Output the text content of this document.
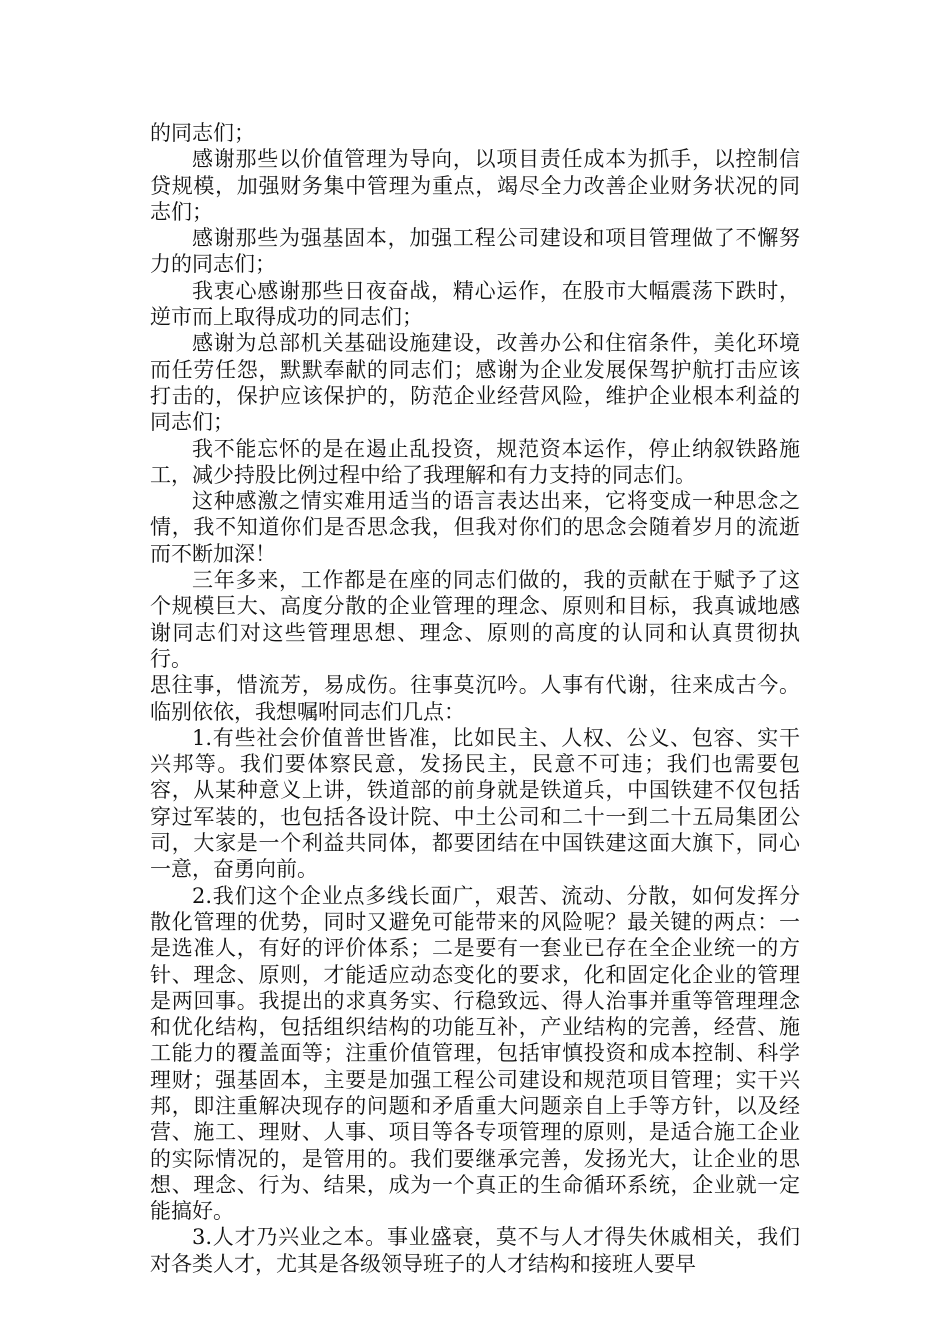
的同志们；

感谢那些以价值管理为导向，以项目责任成本为抓手，以控制信贷规模，加强财务集中管理为重点，竭尽全力改善企业财务状况的同志们；

感谢那些为强基固本，加强工程公司建设和项目管理做了不懈努力的同志们；

我衷心感谢那些日夜奋战，精心运作，在股市大幅震荡下跌时，逆市而上取得成功的同志们；

感谢为总部机关基础设施建设，改善办公和住宿条件，美化环境而任劳任怨，默默奉献的同志们；感谢为企业发展保驾护航打击应该打击的，保护应该保护的，防范企业经营风险，维护企业根本利益的同志们；

我不能忘怀的是在遏止乱投资，规范资本运作，停止纳叙铁路施工，减少持股比例过程中给了我理解和有力支持的同志们。

这种感激之情实难用适当的语言表达出来，它将变成一种思念之情，我不知道你们是否思念我，但我对你们的思念会随着岁月的流逝而不断加深！

三年多来，工作都是在座的同志们做的，我的贡献在于赋予了这个规模巨大、高度分散的企业管理的理念、原则和目标，我真诚地感谢同志们对这些管理思想、理念、原则的高度的认同和认真贯彻执行。

思往事，惜流芳，易成伤。往事莫沉吟。人事有代谢，往来成古今。临别依依，我想嘱咐同志们几点：

1.有些社会价值普世皆准，比如民主、人权、公义、包容、实干兴邦等。我们要体察民意，发扬民主，民意不可违；我们也需要包容，从某种意义上讲，铁道部的前身就是铁道兵，中国铁建不仅包括穿过军装的，也包括各设计院、中土公司和二十一到二十五局集团公司，大家是一个利益共同体，都要团结在中国铁建这面大旗下，同心一意，奋勇向前。

2.我们这个企业点多线长面广，艰苦、流动、分散，如何发挥分散化管理的优势，同时又避免可能带来的风险呢？最关键的两点：一是选准人，有好的评价体系；二是要有一套业已存在全企业统一的方针、理念、原则，才能适应动态变化的要求，化和固定化企业的管理是两回事。我提出的求真务实、行稳致远、得人治事并重等管理理念和优化结构，包括组织结构的功能互补，产业结构的完善，经营、施工能力的覆盖面等；注重价值管理，包括审慎投资和成本控制、科学理财；强基固本，主要是加强工程公司建设和规范项目管理；实干兴邦，即注重解决现存的问题和矛盾重大问题亲自上手等方针，以及经营、施工、理财、人事、项目等各专项管理的原则，是适合施工企业的实际情况的，是管用的。我们要继承完善，发扬光大，让企业的思想、理念、行为、结果，成为一个真正的生命循环系统，企业就一定能搞好。

3.人才乃兴业之本。事业盛衰，莫不与人才得失休戚相关，我们对各类人才，尤其是各级领导班子的人才结构和接班人要早
